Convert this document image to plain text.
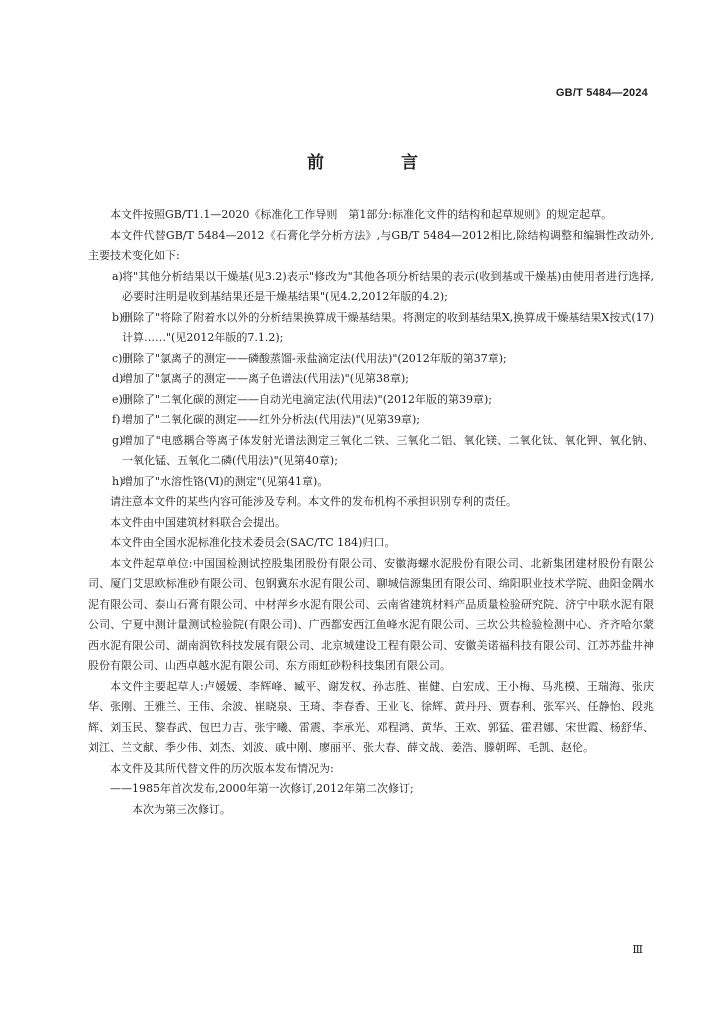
GB/T 5484—2024
前　言

本文件按照GB/T1.1—2020《标准化工作导则　第1部分:标准化文件的结构和起草规则》的规定起草。

本文件代替GB/T 5484—2012《石膏化学分析方法》,与GB/T 5484—2012相比,除结构调整和编辑性改动外,主要技术变化如下:

a) 将"其他分析结果以干燥基(见3.2)表示"修改为"其他各项分析结果的表示(收到基或干燥基)由使用者进行选择,必要时注明是收到基结果还是干燥基结果"(见4.2,2012年版的4.2);
b)
删除了"将除了附着水以外的分析结果换算成干燥基结果。将测定的收到基结果X,换算成干燥基结果X按式(17)计算……"(见2012年版的7.1.2);
c) 删除了"氯离子的测定——磷酸蒸馏-汞盐滴定法(代用法)"(2012年版的第37章);
d)
增加了"氯离子的测定——离子色谱法(代用法)"(见第38章);
e) 删除了"二氧化碳的测定——自动光电滴定法(代用法)"(2012年版的第39章);
f) 增加了"二氧化碳的测定——红外分析法(代用法)"(见第39章);
g)
增加了"电感耦合等离子体发射光谱法测定三氧化二铁、三氧化二铝、氧化镁、二氧化钛、氧化钾、氧化钠、一氧化锰、五氧化二磷(代用法)"(见第40章);
h)
增加了"水溶性铬(Ⅵ)的测定"(见第41章)。

请注意本文件的某些内容可能涉及专利。本文件的发布机构不承担识别专利的责任。

本文件由中国建筑材料联合会提出。

本文件由全国水泥标准化技术委员会(SAC/TC 184)归口。

本文件起草单位:中国国检测试控股集团股份有限公司、安徽海螺水泥股份有限公司、北新集团建材股份有限公司、厦门艾思欧标准砂有限公司、包钢冀东水泥有限公司、聊城信源集团有限公司、绵阳职业技术学院、曲阳金隅水泥有限公司、泰山石膏有限公司、中材萍乡水泥有限公司、云南省建筑材料产品质量检验研究院、济宁中联水泥有限公司、宁夏中测计量测试检验院(有限公司)、广西都安西江鱼峰水泥有限公司、三坎公共检验检测中心、齐齐哈尔蒙西水泥有限公司、湖南润钦科技发展有限公司、北京城建设工程有限公司、安徽美诺福科技有限公司、江苏苏盐井神股份有限公司、山西卓越水泥有限公司、东方雨虹砂粉科技集团有限公司。

本文件主要起草人:卢媛媛、李辉峰、臧平、谢发权、孙志胜、崔健、白宏成、王小梅、马兆模、王瑞海、张庆华、张刚、王雅兰、王伟、余波、崔晓泉、王琦、李春香、王业飞、徐辉、黄丹丹、贾春利、张军兴、任静怡、段兆辉、刘玉民、黎春武、包巴力吉、张宇曦、雷震、李承光、邓程鸿、黄华、王欢、郭猛、霍君娜、宋世霞、杨舒华、刘江、兰文献、季少伟、刘杰、刘波、戚中刚、廖丽平、张大春、薛文战、姜浩、滕朝晖、毛凯、赵伦。

本文件及其所代替文件的历次版本发布情况为:

——1985年首次发布,2000年第一次修订,2012年第二次修订;

本次为第三次修订。

Ⅲ
